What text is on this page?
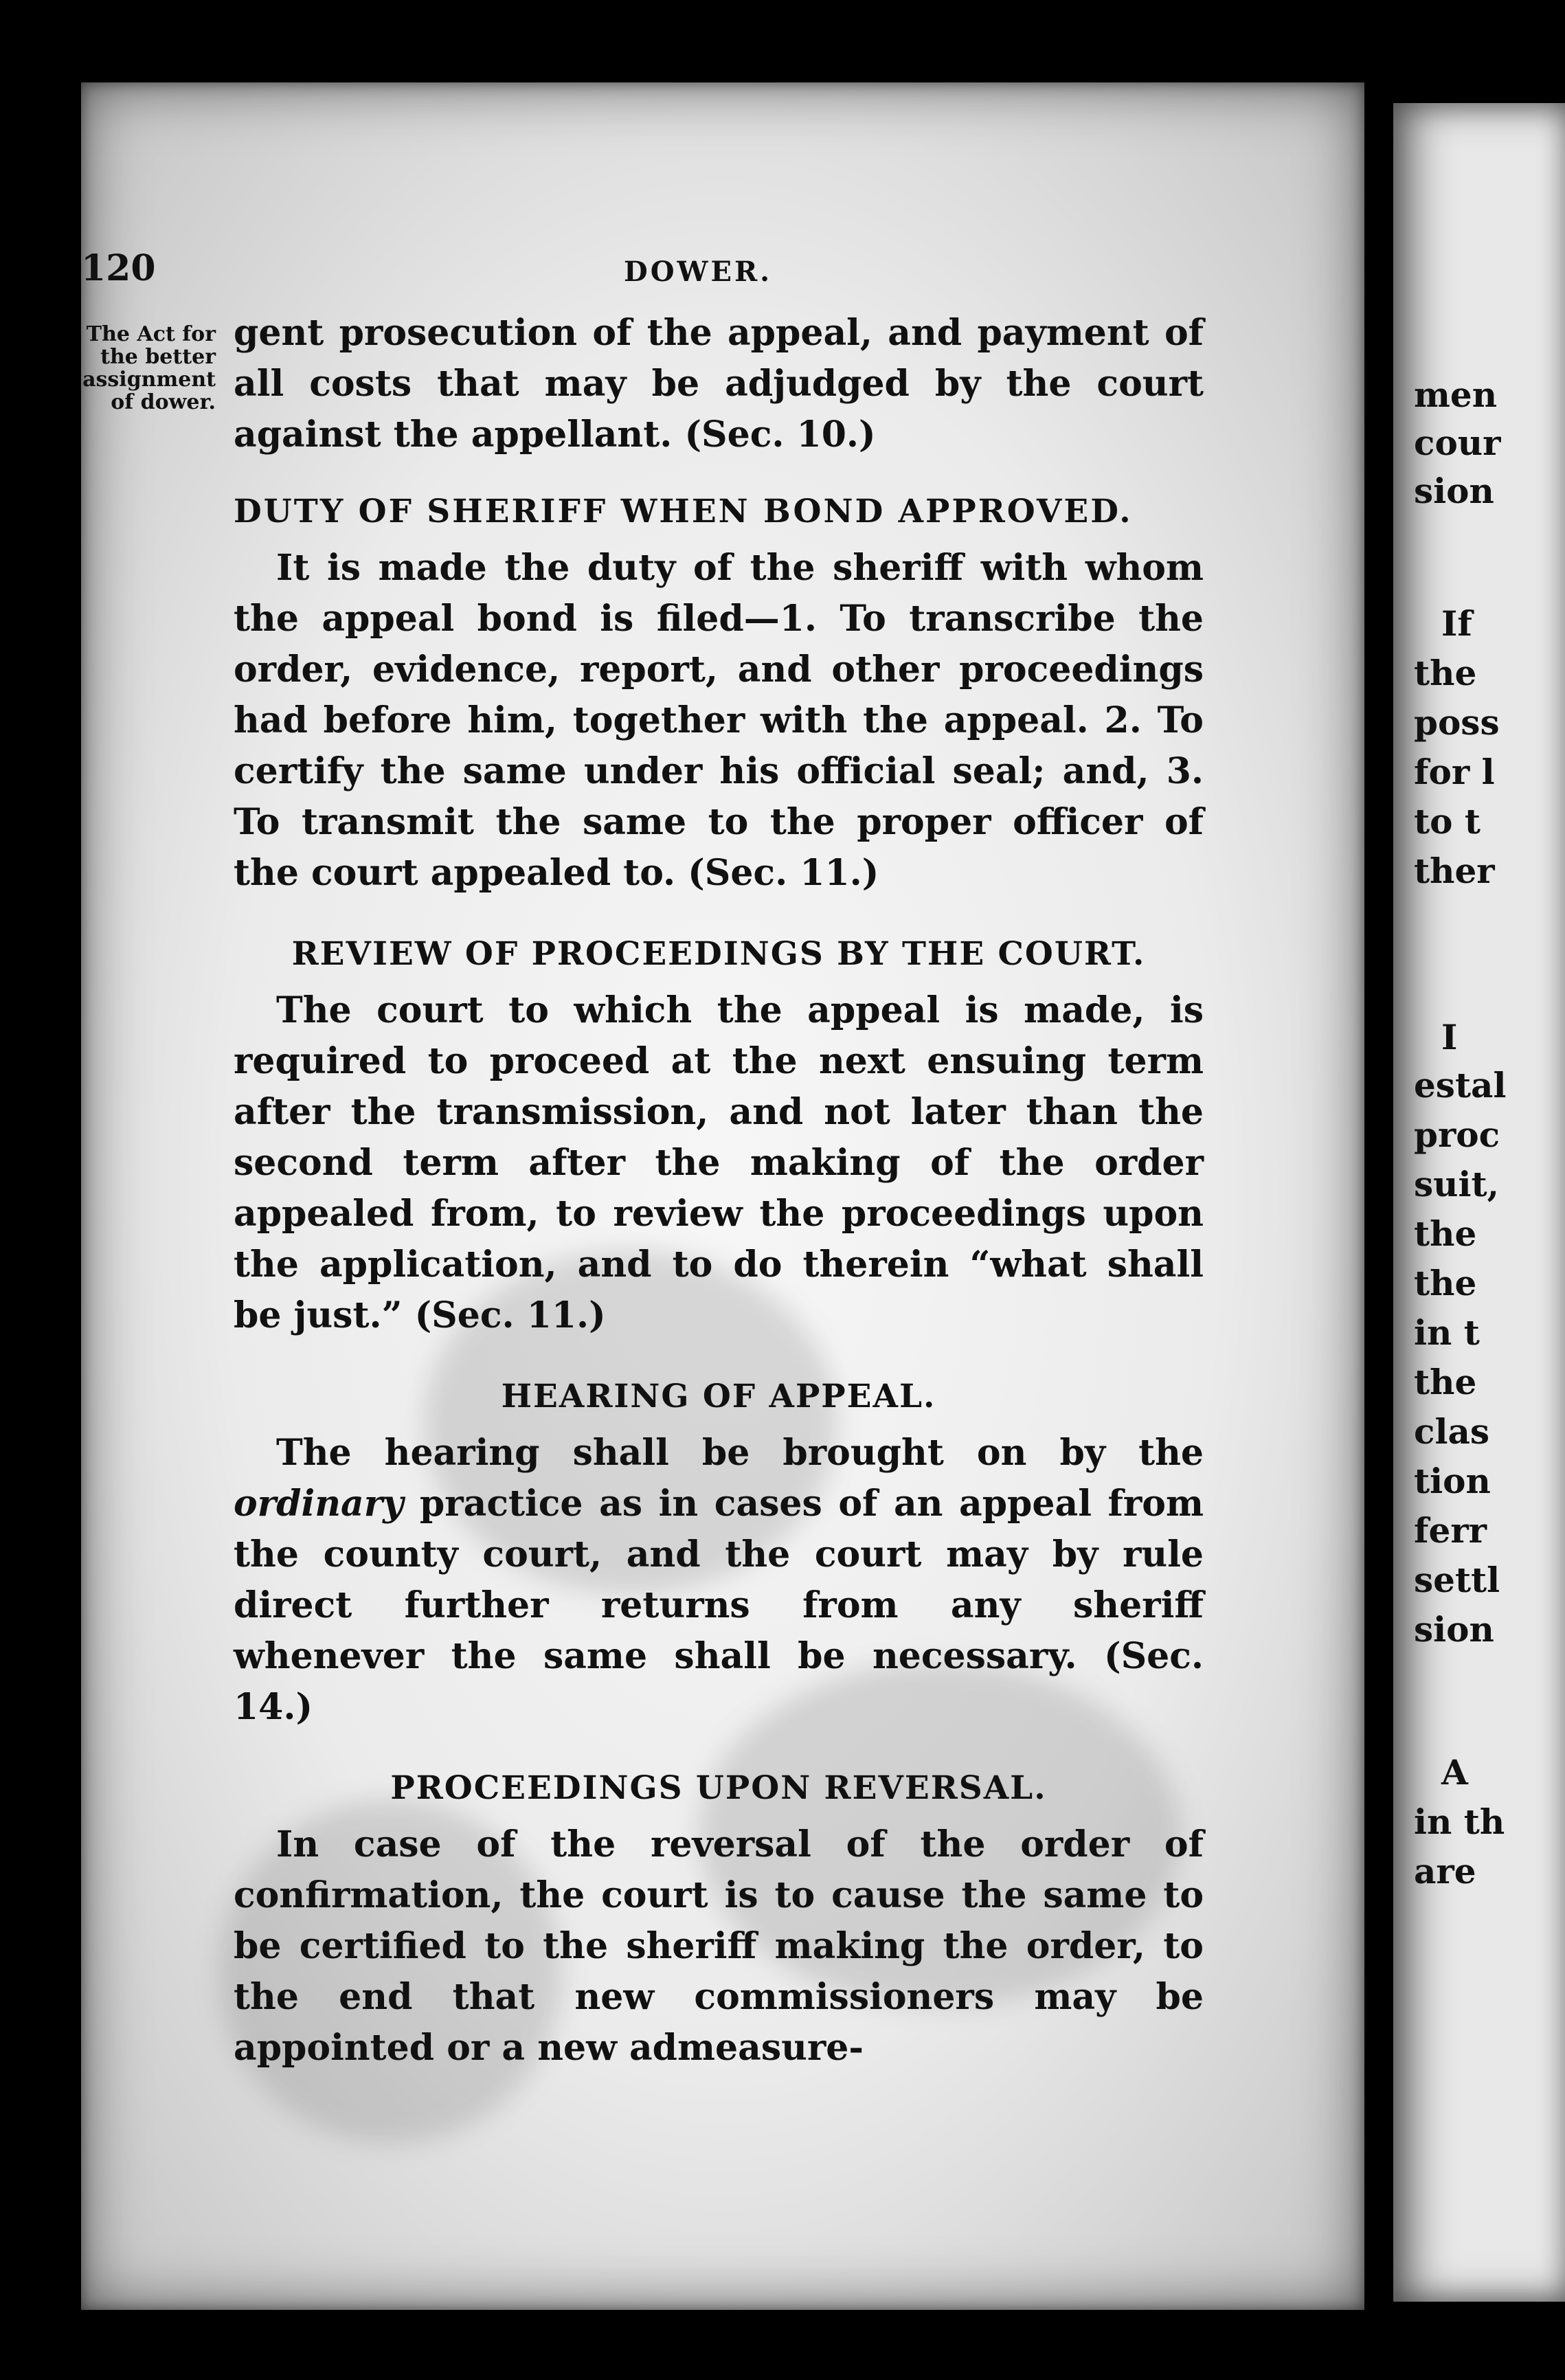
men
cour
sion
If
the
poss
for l
to t
ther
I
estal
proc
suit,
the
the
in t
the
clas
tion
ferr
settl
sion
A
in th
are
120	DOWER.
The Act for the better assignment of dower.

gent prosecution of the appeal, and payment of all costs that may be adjudged by the court against the appellant. (Sec. 10.)

DUTY OF SHERIFF WHEN BOND APPROVED.

It is made the duty of the sheriff with whom the appeal bond is filed—1. To transcribe the order, evidence, report, and other proceedings had before him, together with the appeal. 2. To certify the same under his official seal; and, 3. To transmit the same to the proper officer of the court appealed to. (Sec. 11.)

REVIEW OF PROCEEDINGS BY THE COURT.

The court to which the appeal is made, is required to proceed at the next ensuing term after the transmission, and not later than the second term after the making of the order appealed from, to review the proceedings upon the application, and to do therein “what shall be just.” (Sec. 11.)

HEARING OF APPEAL.

The hearing shall be brought on by the ordinary practice as in cases of an appeal from the county court, and the court may by rule direct further returns from any sheriff whenever the same shall be necessary. (Sec. 14.)

PROCEEDINGS UPON REVERSAL.

In case of the reversal of the order of confirmation, the court is to cause the same to be certified to the sheriff making the order, to the end that new commissioners may be appointed or a new admeasure-
